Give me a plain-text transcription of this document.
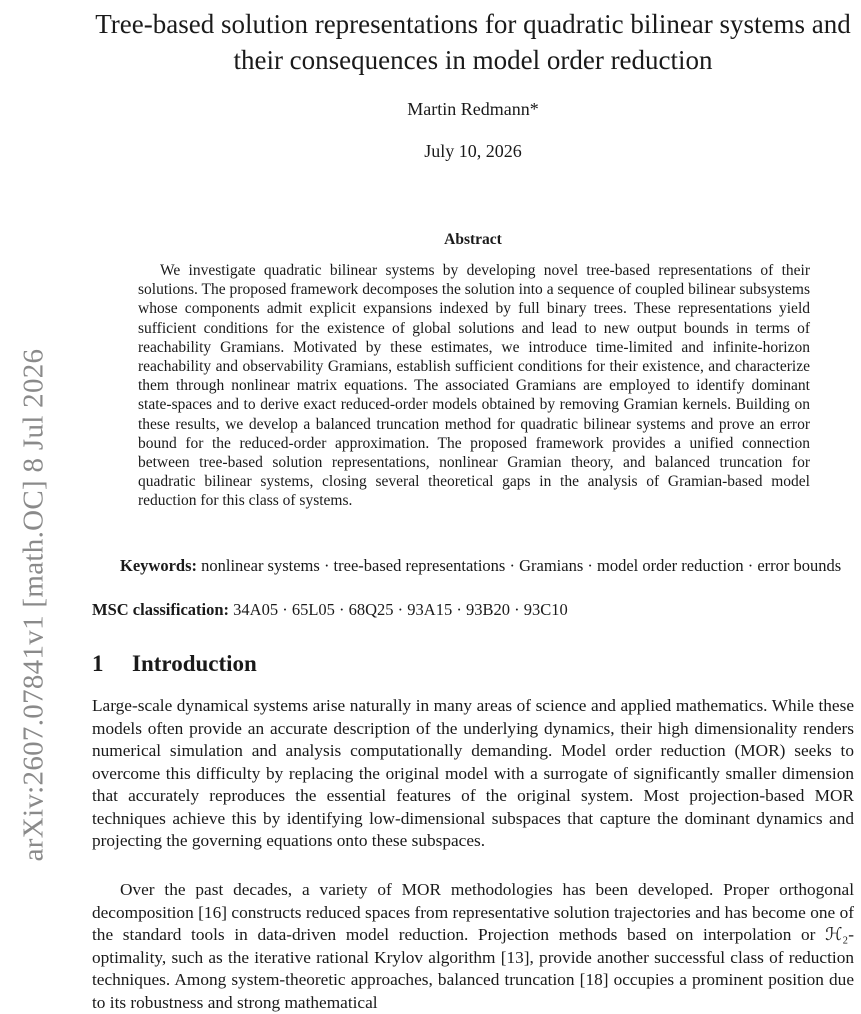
arXiv:2607.07841v1 [math.OC] 8 Jul 2026
Tree-based solution representations for quadratic bilinear systems and their consequences in model order reduction
Martin Redmann*
July 10, 2026
Abstract

We investigate quadratic bilinear systems by developing novel tree-based representations of their solutions. The proposed framework decomposes the solution into a sequence of coupled bilinear subsystems whose components admit explicit expansions indexed by full binary trees. These representations yield sufficient conditions for the existence of global solutions and lead to new output bounds in terms of reachability Gramians. Motivated by these estimates, we introduce time-limited and infinite-horizon reachability and observability Gramians, establish sufficient conditions for their existence, and characterize them through nonlinear matrix equations. The associated Gramians are employed to identify dominant state-spaces and to derive exact reduced-order models obtained by removing Gramian kernels. Building on these results, we develop a balanced truncation method for quadratic bilinear systems and prove an error bound for the reduced-order approximation. The proposed framework provides a unified connection between tree-based solution representations, nonlinear Gramian theory, and balanced truncation for quadratic bilinear systems, closing several theoretical gaps in the analysis of Gramian-based model reduction for this class of systems.

Keywords: nonlinear systems · tree-based representations · Gramians · model order reduction · error bounds

MSC classification: 34A05 · 65L05 · 68Q25 · 93A15 · 93B20 · 93C10

1 Introduction

Large-scale dynamical systems arise naturally in many areas of science and applied mathematics. While these models often provide an accurate description of the underlying dynamics, their high dimensionality renders numerical simulation and analysis computationally demanding. Model order reduction (MOR) seeks to overcome this difficulty by replacing the original model with a surrogate of significantly smaller dimension that accurately reproduces the essential features of the original system. Most projection-based MOR techniques achieve this by identifying low-dimensional subspaces that capture the dominant dynamics and projecting the governing equations onto these subspaces.

Over the past decades, a variety of MOR methodologies has been developed. Proper orthogonal decomposition [16] constructs reduced spaces from representative solution trajectories and has become one of the standard tools in data-driven model reduction. Projection methods based on interpolation or ℋ₂-optimality, such as the iterative rational Krylov algorithm [13], provide another successful class of reduction techniques. Among system-theoretic approaches, balanced truncation [18] occupies a prominent position due to its robustness and strong mathematical
